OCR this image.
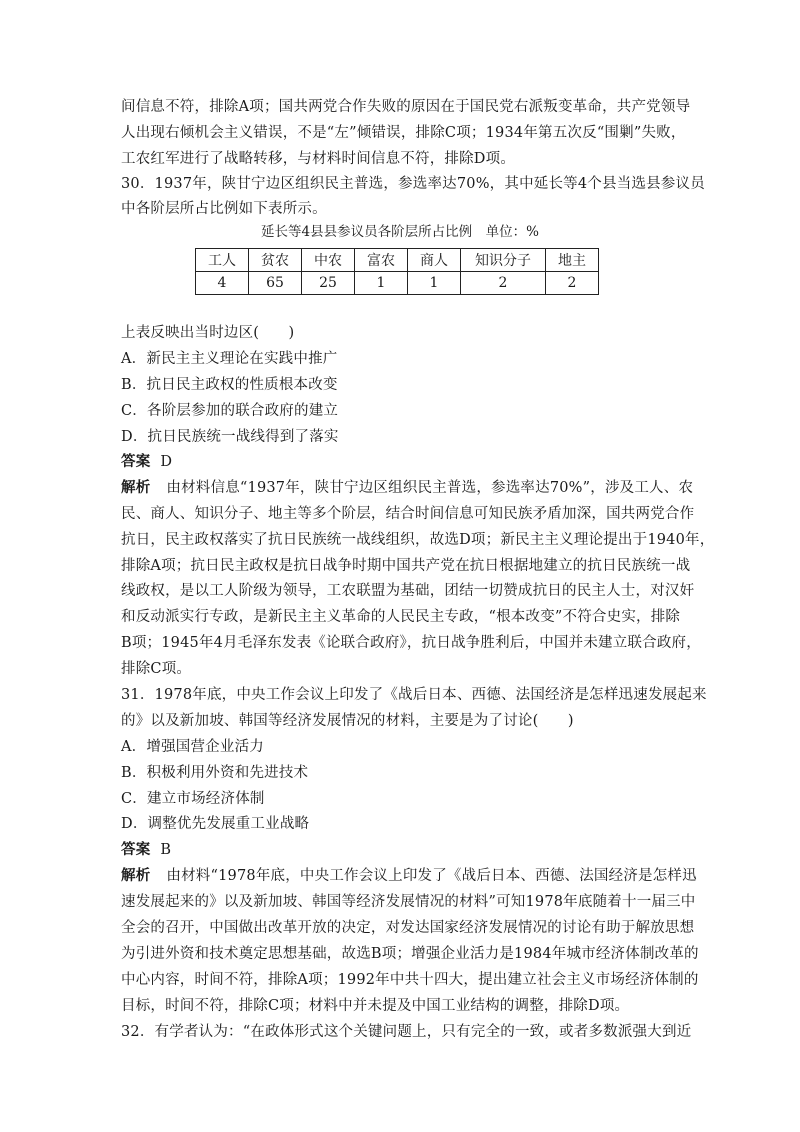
间信息不符，排除A项；国共两党合作失败的原因在于国民党右派叛变革命，共产党领导
人出现右倾机会主义错误，不是“左”倾错误，排除C项；1934年第五次反“围剿”失败，
工农红军进行了战略转移，与材料时间信息不符，排除D项。
30．1937年，陕甘宁边区组织民主普选，参选率达70%，其中延长等4个县当选县参议员
中各阶层所占比例如下表所示。
延长等4县县参议员各阶层所占比例　单位：%
工人	贫农	中农	富农	商人	知识分子	地主
4	65	25	1	1	2	2
上表反映出当时边区(　　)
A．新民主主义理论在实践中推广
B．抗日民主政权的性质根本改变
C．各阶层参加的联合政府的建立
D．抗日民族统一战线得到了落实
答案 D
解析 由材料信息“1937年，陕甘宁边区组织民主普选，参选率达70%”，涉及工人、农
民、商人、知识分子、地主等多个阶层，结合时间信息可知民族矛盾加深，国共两党合作
抗日，民主政权落实了抗日民族统一战线组织，故选D项；新民主主义理论提出于1940年，
排除A项；抗日民主政权是抗日战争时期中国共产党在抗日根据地建立的抗日民族统一战
线政权，是以工人阶级为领导，工农联盟为基础，团结一切赞成抗日的民主人士，对汉奸
和反动派实行专政，是新民主主义革命的人民民主专政，“根本改变”不符合史实，排除
B项；1945年4月毛泽东发表《论联合政府》，抗日战争胜利后，中国并未建立联合政府，
排除C项。
31．1978年底，中央工作会议上印发了《战后日本、西德、法国经济是怎样迅速发展起来
的》以及新加坡、韩国等经济发展情况的材料，主要是为了讨论(　　)
A．增强国营企业活力
B．积极利用外资和先进技术
C．建立市场经济体制
D．调整优先发展重工业战略
答案 B
解析 由材料“1978年底，中央工作会议上印发了《战后日本、西德、法国经济是怎样迅
速发展起来的》以及新加坡、韩国等经济发展情况的材料”可知1978年底随着十一届三中
全会的召开，中国做出改革开放的决定，对发达国家经济发展情况的讨论有助于解放思想
为引进外资和技术奠定思想基础，故选B项；增强企业活力是1984年城市经济体制改革的
中心内容，时间不符，排除A项；1992年中共十四大，提出建立社会主义市场经济体制的
目标，时间不符，排除C项；材料中并未提及中国工业结构的调整，排除D项。
32．有学者认为：“在政体形式这个关键问题上，只有完全的一致，或者多数派强大到近
